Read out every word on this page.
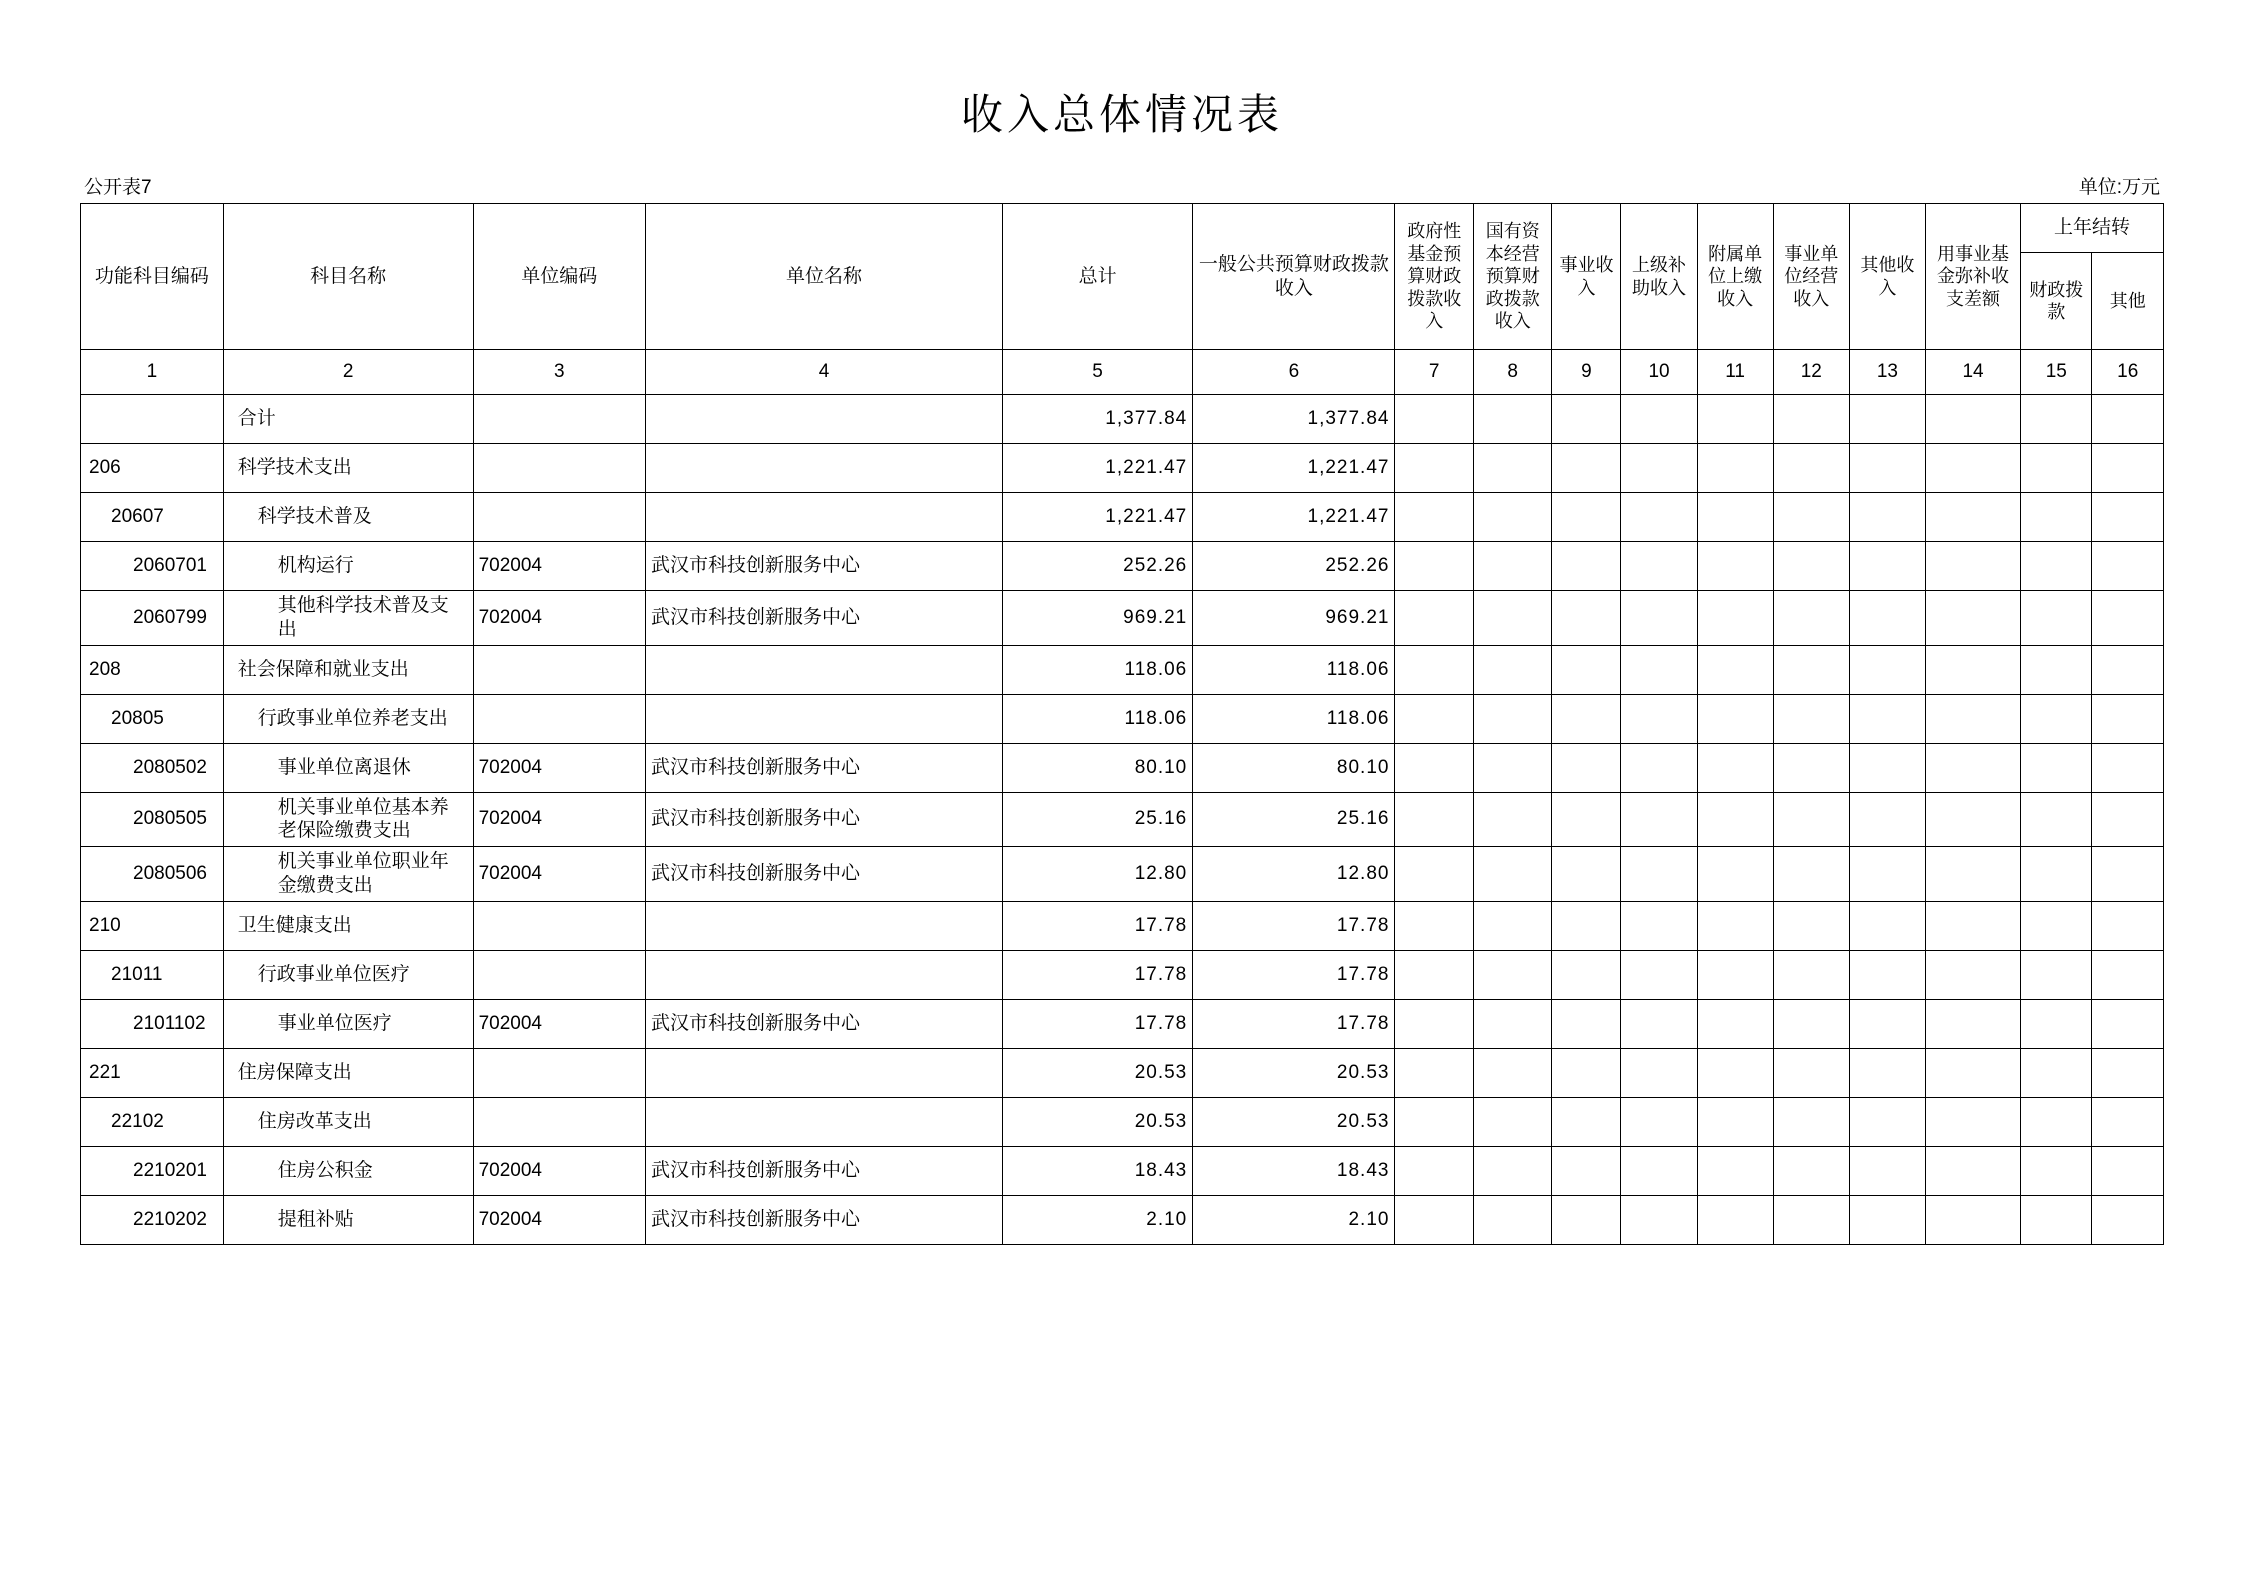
收入总体情况表
公开表7	单位:万元
功能科目编码	科目名称	单位编码	单位名称	总计	一般公共预算财政拨款收入	政府性基金预算财政拨款收入	国有资本经营预算财政拨款收入	事业收入	上级补助收入	附属单位上缴收入	事业单位经营收入	其他收入	用事业基金弥补收支差额	上年结转	
														财政拨款	其他
1	2	3	4	5	6	7	8	9	10	11	12	13	14	15	16
	合计			1,377.84	1,377.84										
206	科学技术支出			1,221.47	1,221.47										
20607	科学技术普及			1,221.47	1,221.47										
2060701	机构运行	702004	武汉市科技创新服务中心	252.26	252.26										
2060799	其他科学技术普及支出	702004	武汉市科技创新服务中心	969.21	969.21										
208	社会保障和就业支出			118.06	118.06										
20805	行政事业单位养老支出			118.06	118.06										
2080502	事业单位离退休	702004	武汉市科技创新服务中心	80.10	80.10										
2080505	机关事业单位基本养老保险缴费支出	702004	武汉市科技创新服务中心	25.16	25.16										
2080506	机关事业单位职业年金缴费支出	702004	武汉市科技创新服务中心	12.80	12.80										
210	卫生健康支出			17.78	17.78										
21011	行政事业单位医疗			17.78	17.78										
2101102	事业单位医疗	702004	武汉市科技创新服务中心	17.78	17.78										
221	住房保障支出			20.53	20.53										
22102	住房改革支出			20.53	20.53										
2210201	住房公积金	702004	武汉市科技创新服务中心	18.43	18.43										
2210202	提租补贴	702004	武汉市科技创新服务中心	2.10	2.10										
